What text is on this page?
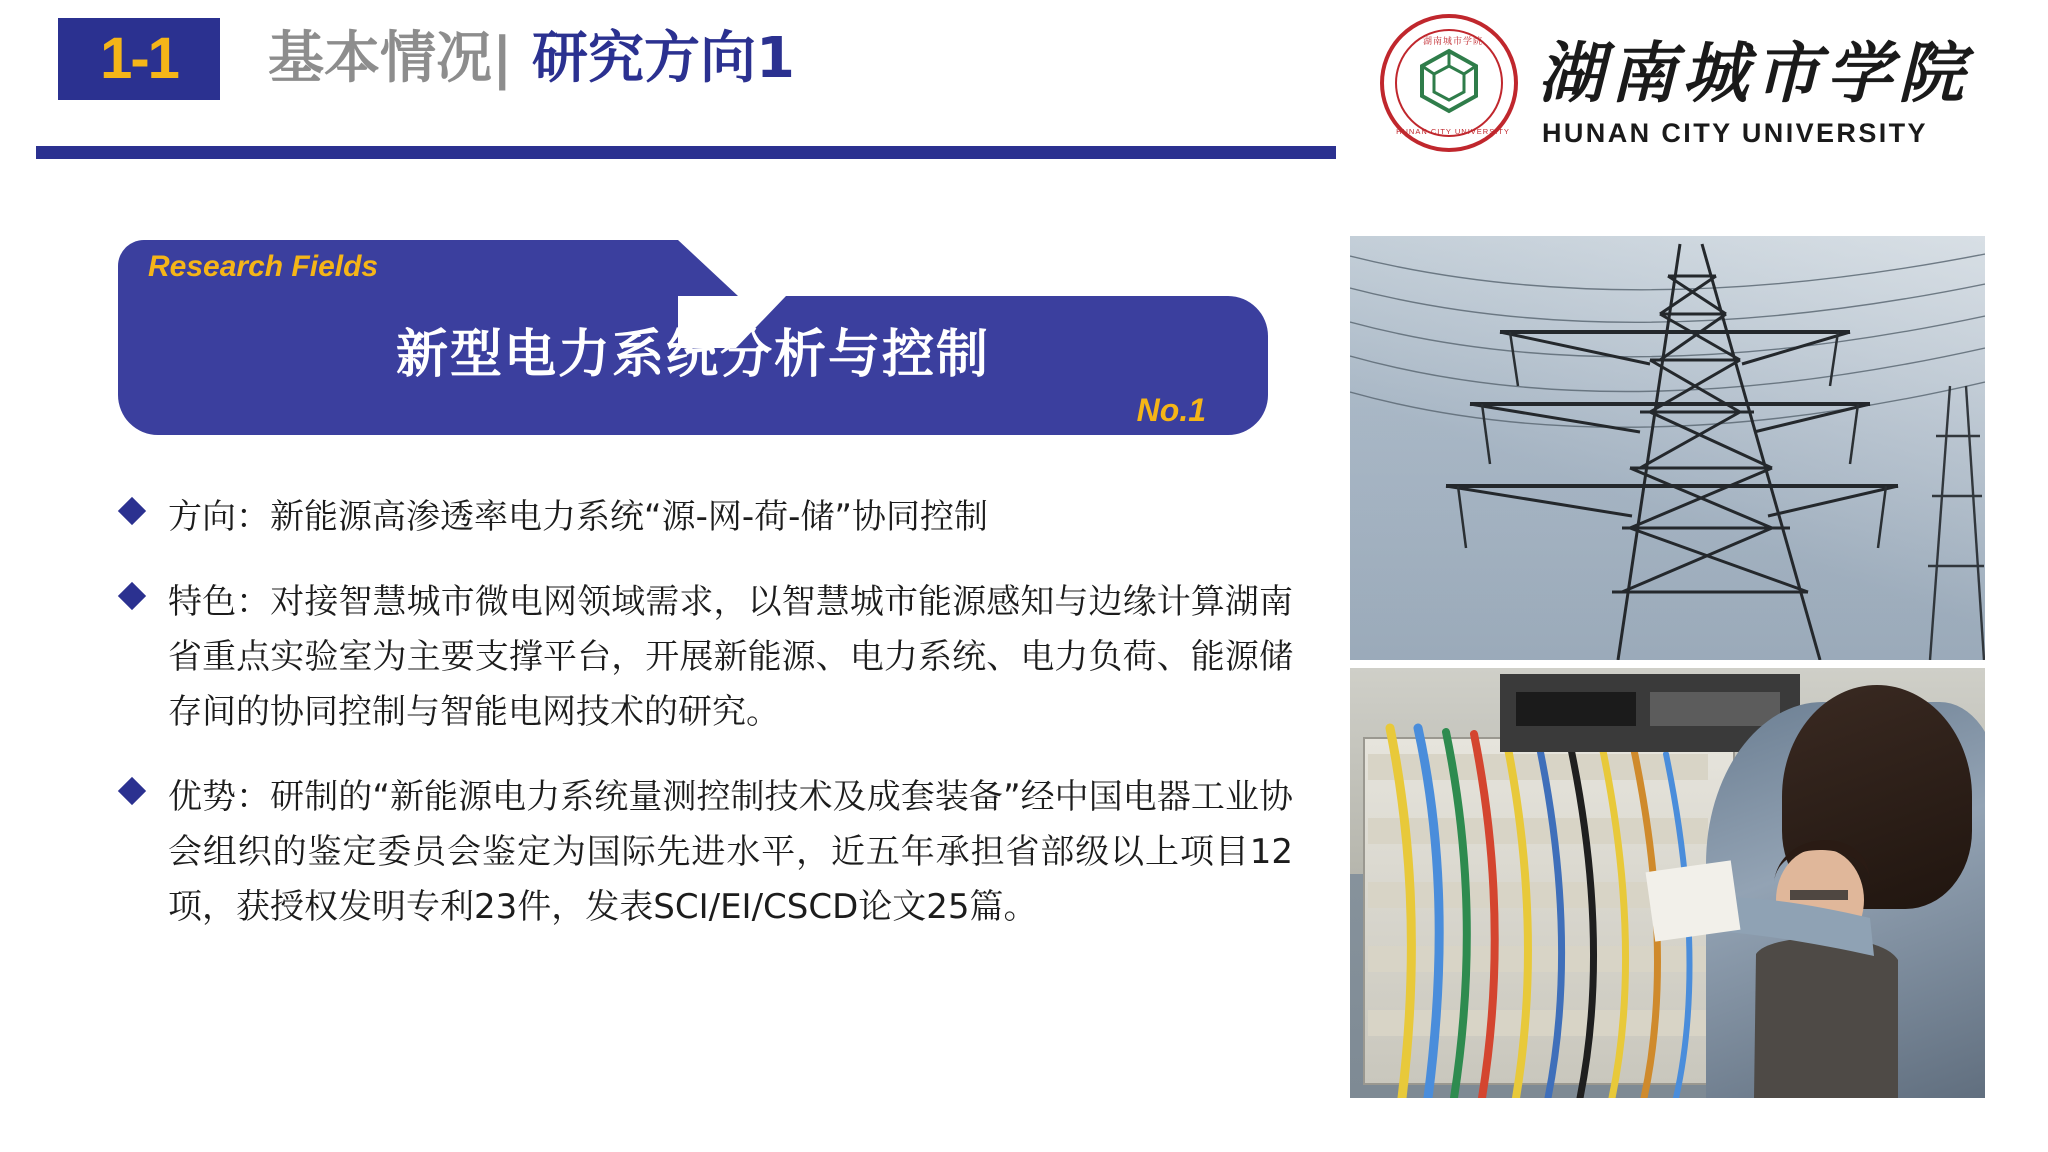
1-1	基本情况| 研究方向1	湖南城市学院
HUNAN CITY UNIVERSITY
湖南城市学院
HUNAN CITY UNIVERSITY
Research Fields
新型电力系统分析与控制
No.1
方向：新能源高渗透率电力系统“源-网-荷-储”协同控制
特色：对接智慧城市微电网领域需求，以智慧城市能源感知与边缘计算湖南省重点实验室为主要支撑平台，开展新能源、电力系统、电力负荷、能源储存间的协同控制与智能电网技术的研究。
优势：研制的“新能源电力系统量测控制技术及成套装备”经中国电器工业协会组织的鉴定委员会鉴定为国际先进水平，近五年承担省部级以上项目12项，获授权发明专利23件，发表SCI/EI/CSCD论文25篇。
